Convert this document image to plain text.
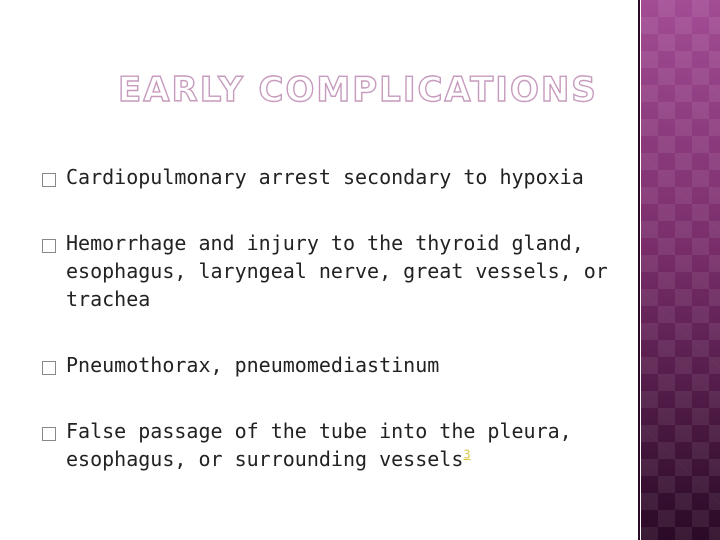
EARLY COMPLICATIONS
Cardiopulmonary arrest secondary to hypoxia
Hemorrhage and injury to the thyroid gland, esophagus, laryngeal nerve, great vessels, or trachea
Pneumothorax, pneumomediastinum
False passage of the tube into the pleura, esophagus, or surrounding vessels$^3$
